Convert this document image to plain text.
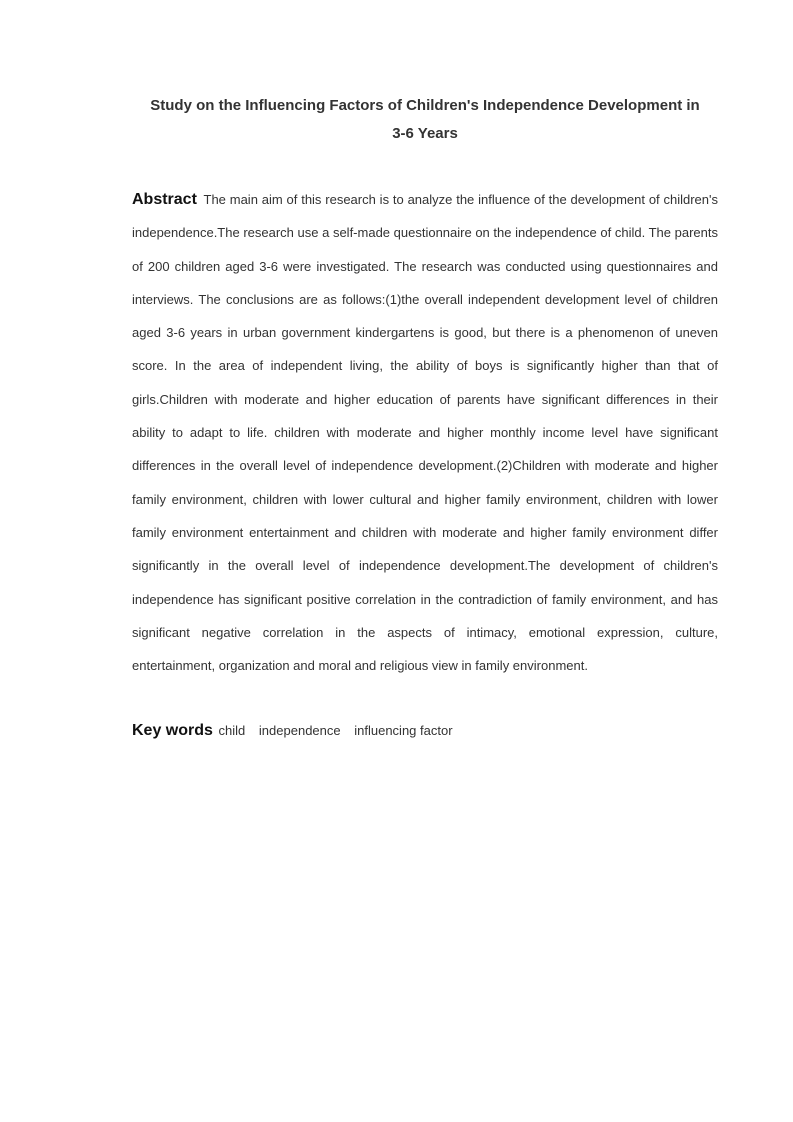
Study on the Influencing Factors of Children's Independence Development in
3-6 Years
Abstract The main aim of this research is to analyze the influence of the development of children's independence.The research use a self-made questionnaire on the independence of child. The parents of 200 children aged 3-6 were investigated. The research was conducted using questionnaires and interviews. The conclusions are as follows:(1)the overall independent development level of children aged 3-6 years in urban government kindergartens is good, but there is a phenomenon of uneven score. In the area of independent living, the ability of boys is significantly higher than that of girls.Children with moderate and higher education of parents have significant differences in their ability to adapt to life. children with moderate and higher monthly income level have significant differences in the overall level of independence development.(2)Children with moderate and higher family environment, children with lower cultural and higher family environment, children with lower family environment entertainment and children with moderate and higher family environment differ significantly in the overall level of independence development.The development of children's independence has significant positive correlation in the contradiction of family environment, and has significant negative correlation in the aspects of intimacy, emotional expression, culture, entertainment, organization and moral and religious view in family environment.
Key words child independence influencing factor
